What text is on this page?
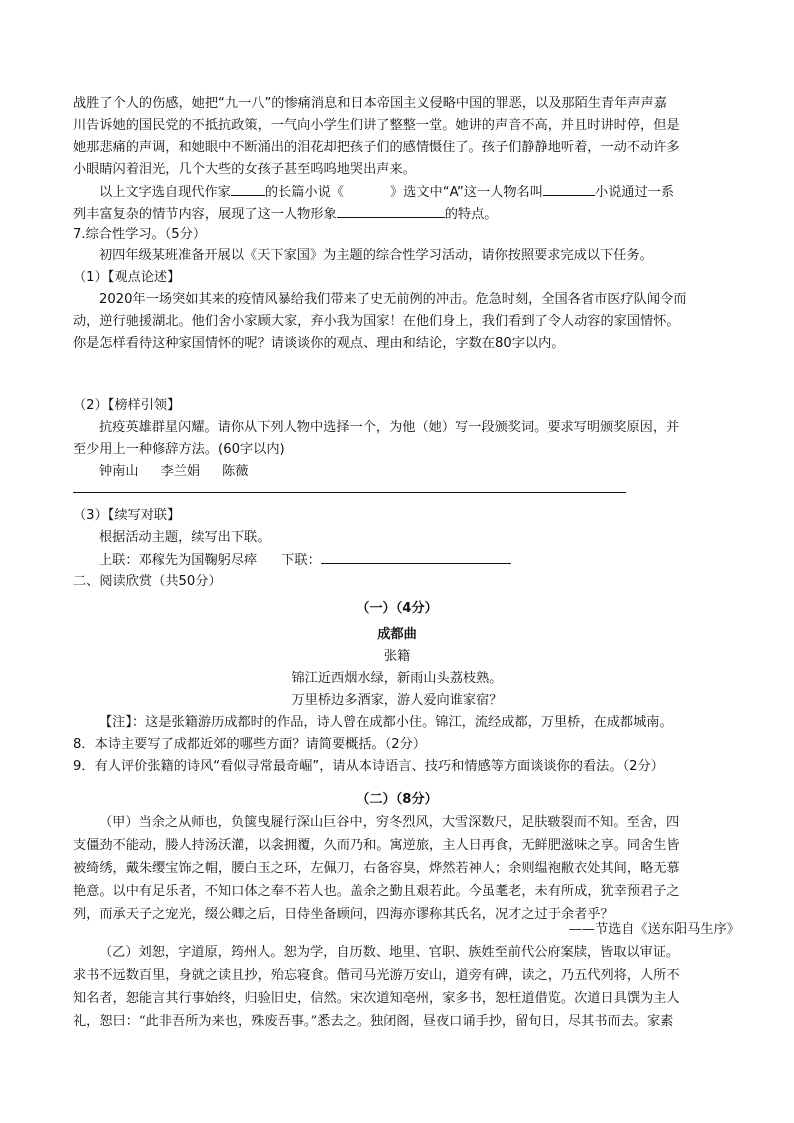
战胜了个人的伤感，她把“九一八”的惨痛消息和日本帝国主义侵略中国的罪恶，以及那陌生青年声声嘉
川告诉她的国民党的不抵抗政策，一气向小学生们讲了整整一堂。她讲的声音不高，并且时讲时停，但是
她那悲痛的声调，和她眼中不断涌出的泪花却把孩子们的感情慑住了。孩子们静静地听着，一动不动许多
小眼睛闪着泪光，几个大些的女孩子甚至呜呜地哭出声来。
以上文字选自现代作家	的长篇小说《	》选文中“A”这一人物名叫	小说通过一系
列丰富复杂的情节内容，展现了这一人物形象	的特点。
7.综合性学习。（5分）
初四年级某班准备开展以《天下家国》为主题的综合性学习活动，请你按照要求完成以下任务。
（1）【观点论述】
2020年一场突如其来的疫情风暴给我们带来了史无前例的冲击。危急时刻，全国各省市医疗队闻令而
动，逆行驰援湖北。他们舍小家顾大家，弃小我为国家！在他们身上，我们看到了令人动容的家国情怀。
你是怎样看待这种家国情怀的呢？请谈谈你的观点、理由和结论，字数在80字以内。
（2）【榜样引领】
抗疫英雄群星闪耀。请你从下列人物中选择一个，为他（她）写一段颁奖词。要求写明颁奖原因，并
至少用上一种修辞方法。(60字以内)
钟南山 李兰娟 陈薇
（3）【续写对联】
根据活动主题，续写出下联。
上联：邓稼先为国鞠躬尽瘁 下联：
二、阅读欣赏（共50分）
（一）（4分）
成都曲
张籍
锦江近西烟水绿，新雨山头荔枝熟。
万里桥边多酒家，游人爱向谁家宿？
【注】：这是张籍游历成都时的作品，诗人曾在成都小住。锦江，流经成都，万里桥，在成都城南。
8．本诗主要写了成都近郊的哪些方面？请简要概括。（2分）
9．有人评价张籍的诗风“看似寻常最奇崛”，请从本诗语言、技巧和情感等方面谈谈你的看法。（2分）
（二）（8分）
（甲）当余之从师也，负箧曳屣行深山巨谷中，穷冬烈风，大雪深数尺，足肤皲裂而不知。至舍，四
支僵劲不能动，媵人持汤沃灌，以衾拥覆，久而乃和。寓逆旅，主人日再食，无鲜肥滋味之享。同舍生皆
被绮绣，戴朱缨宝饰之帽，腰白玉之环，左佩刀，右备容臭，烨然若神人；余则缊袍敝衣处其间，略无慕
艳意。以中有足乐者，不知口体之奉不若人也。盖余之勤且艰若此。今虽耄老，未有所成，犹幸预君子之
列，而承天子之宠光，缀公卿之后，日侍坐备顾问，四海亦谬称其氏名，况才之过于余者乎？
——节选自《送东阳马生序》
（乙）刘恕，字道原，筠州人。恕为学，自历数、地里、官职、族姓至前代公府案牍，皆取以审证。
求书不远数百里，身就之读且抄，殆忘寝食。偕司马光游万安山，道旁有碑，读之，乃五代列将，人所不
知名者，恕能言其行事始终，归验旧史，信然。宋次道知亳州，家多书，恕枉道借览。次道日具馔为主人
礼，恕曰：“此非吾所为来也，殊废吾事。”悉去之。独闭阁，昼夜口诵手抄，留旬日，尽其书而去。家素
